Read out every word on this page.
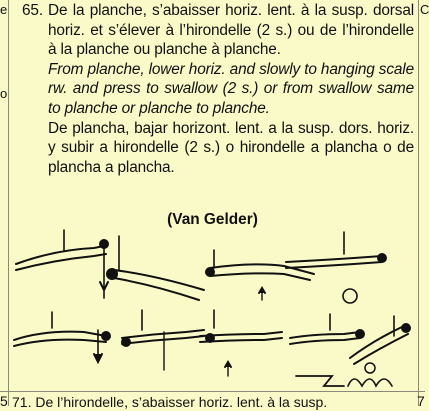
e
o
C
65. De la planche, s’abaisser horiz. lent. à la susp. dorsal horiz. et s’élever à l’hirondelle (2 s.) ou de l’hirondelle à la planche ou planche à planche.
From planche, lower horiz. and slowly to hanging scale rw. and press to swallow (2 s.) or from swallow same to planche or planche to planche.
De plancha, bajar horizont. lent. a la susp. dors. horiz. y subir a hirondelle (2 s.) o hirondelle a plancha o de plancha a plancha.
(Van Gelder)
5 71. De l’hirondelle, s’abaisser horiz. lent. à la susp.	7
